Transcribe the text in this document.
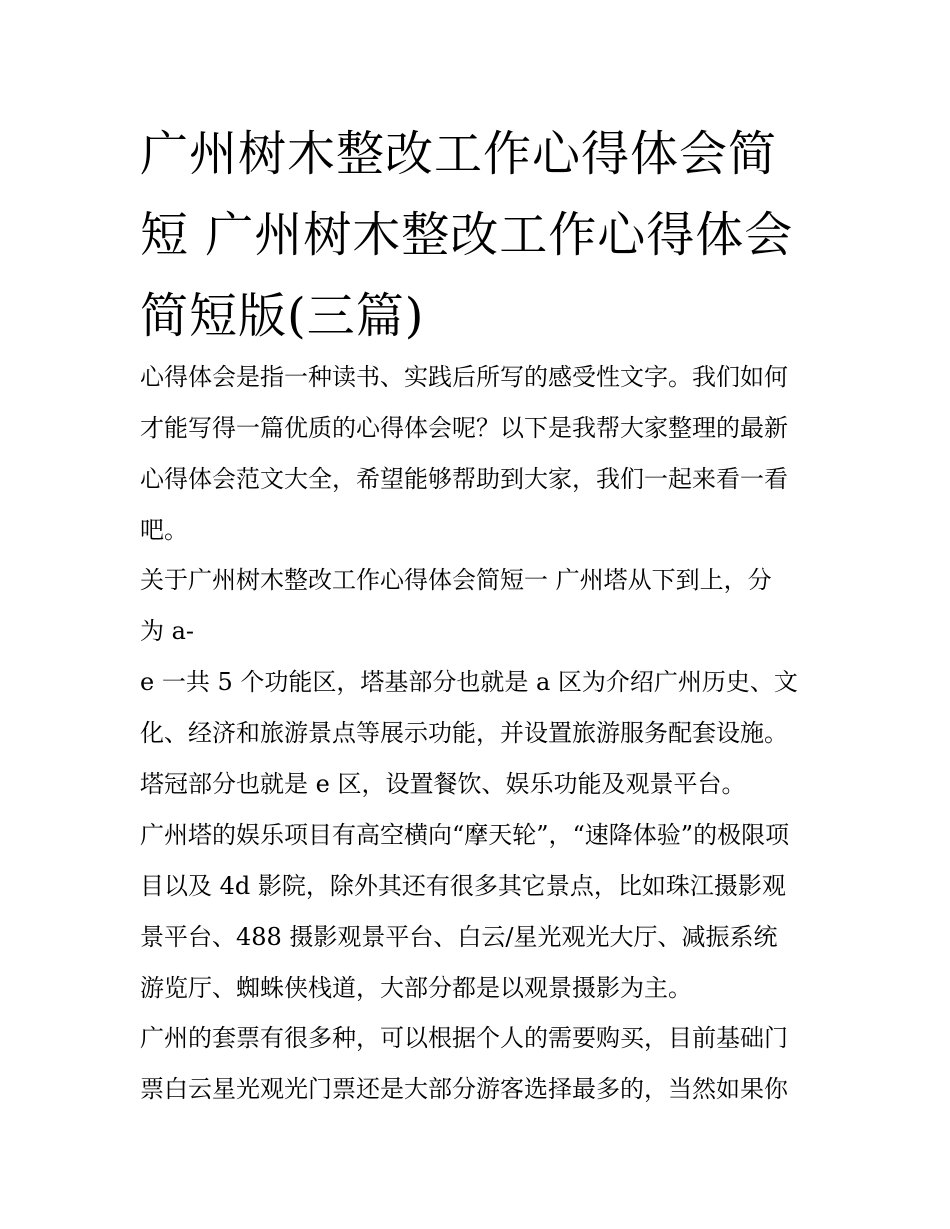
广州树木整改工作心得体会简
短 广州树木整改工作心得体会
简短版(三篇)
心得体会是指一种读书、实践后所写的感受性文字。我们如何
才能写得一篇优质的心得体会呢？以下是我帮大家整理的最新
心得体会范文大全，希望能够帮助到大家，我们一起来看一看
吧。
关于广州树木整改工作心得体会简短一 广州塔从下到上，分
为 a-
e 一共 5 个功能区，塔基部分也就是 a 区为介绍广州历史、文
化、经济和旅游景点等展示功能，并设置旅游服务配套设施。
塔冠部分也就是 e 区，设置餐饮、娱乐功能及观景平台。
广州塔的娱乐项目有高空横向“摩天轮”，“速降体验”的极限项
目以及 4d 影院，除外其还有很多其它景点，比如珠江摄影观
景平台、488 摄影观景平台、白云/星光观光大厅、减振系统
游览厅、蜘蛛侠栈道，大部分都是以观景摄影为主。
广州的套票有很多种，可以根据个人的需要购买，目前基础门
票白云星光观光门票还是大部分游客选择最多的，当然如果你
